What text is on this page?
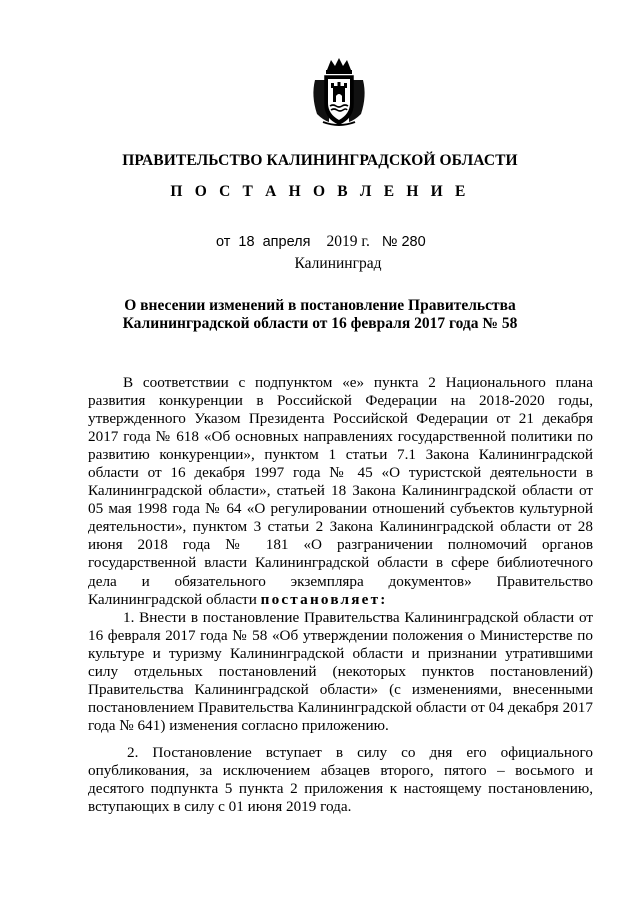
ПРАВИТЕЛЬСТВО КАЛИНИНГРАДСКОЙ ОБЛАСТИ
П О С Т А Н О В Л Е Н И Е
от 18 апреля 2019 г. № 280
Калининград
О внесении изменений в постановление Правительства
Калининградской области от 16 февраля 2017 года № 58

В соответствии с подпунктом «е» пункта 2 Национального плана развития конкуренции в Российской Федерации на 2018-2020 годы, утвержденного Указом Президента Российской Федерации от 21 декабря 2017 года № 618 «Об основных направлениях государственной политики по развитию конкуренции», пунктом 1 статьи 7.1 Закона Калининградской области от 16 декабря 1997 года № 45 «О туристской деятельности в Калининградской области», статьей 18 Закона Калининградской области от 05 мая 1998 года № 64 «О регулировании отношений субъектов культурной деятельности», пунктом 3 статьи 2 Закона Калининградской области от 28 июня 2018 года № 181 «О разграничении полномочий органов государственной власти Калининградской области в сфере библиотечного дела и обязательного экземпляра документов» Правительство Калининградской области постановляет:

1. Внести в постановление Правительства Калининградской области от 16 февраля 2017 года № 58 «Об утверждении положения о Министерстве по культуре и туризму Калининградской области и признании утратившими силу отдельных постановлений (некоторых пунктов постановлений) Правительства Калининградской области» (с изменениями, внесенными постановлением Правительства Калининградской области от 04 декабря 2017 года № 641) изменения согласно приложению.

2. Постановление вступает в силу со дня его официального опубликования, за исключением абзацев второго, пятого – восьмого и десятого подпункта 5 пункта 2 приложения к настоящему постановлению, вступающих в силу с 01 июня 2019 года.
